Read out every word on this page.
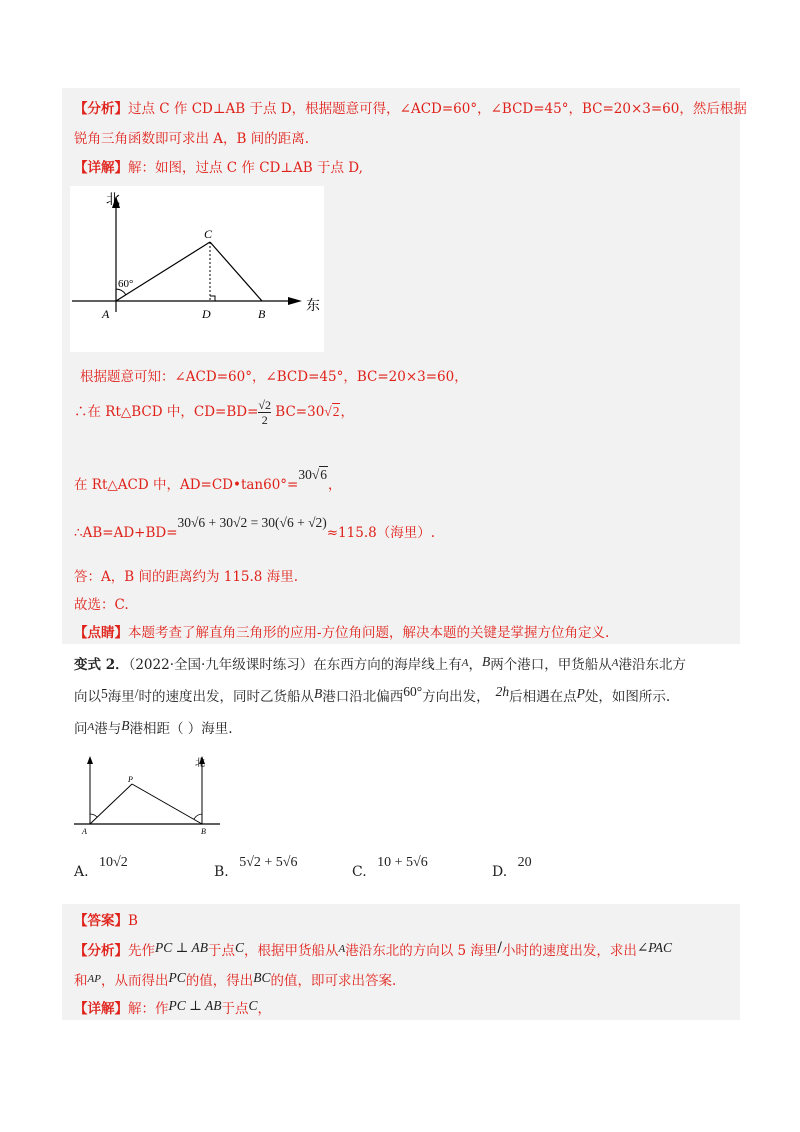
【分析】过点 C 作 CD⊥AB 于点 D，根据题意可得，∠ACD=60°，∠BCD=45°，BC=20×3=60，然后根据
锐角三角函数即可求出 A，B 间的距离.
【详解】解：如图，过点 C 作 CD⊥AB 于点 D,
北
东
60°
C
A	D	B
根据题意可知：∠ACD=60°，∠BCD=45°，BC=20×3=60，
∴在 Rt△BCD 中，$CD=BD= \frac{√2}{2} BC=30√2$，
在 Rt△ACD 中，AD=CD•tan60°=30√6，
∴AB=AD+BD=30√6 + 30√2 = 30(√6 + √2)≈115.8（海里）.
答：A，B 间的距离约为 115.8 海里.
故选：C.
【点睛】本题考查了解直角三角形的应用-方位角问题，解决本题的关键是掌握方位角定义.
变式 2．（2022·全国·九年级课时练习）在东西方向的海岸线上有$^A$，B两个港口，甲货船从$^A$港沿东北方
向以5海里/时的速度出发，同时乙货船从B港口沿北偏西60°方向出发， 2h后相遇在点P处，如图所示.
问$^A$港与B港相距（ ）海里.
北
P
A	B
A. 10√2
B. 5√2 + 5√6
C. 10 + 5√6
D. 20
【答案】B
【分析】先作PC ⊥ AB于点C，根据甲货船从$^A$港沿东北的方向以 5 海里/小时的速度出发，求出∠PAC
和$^{AP}$，从而得出PC的值，得出BC的值，即可求出答案.
【详解】解：作PC ⊥ AB于点C，
